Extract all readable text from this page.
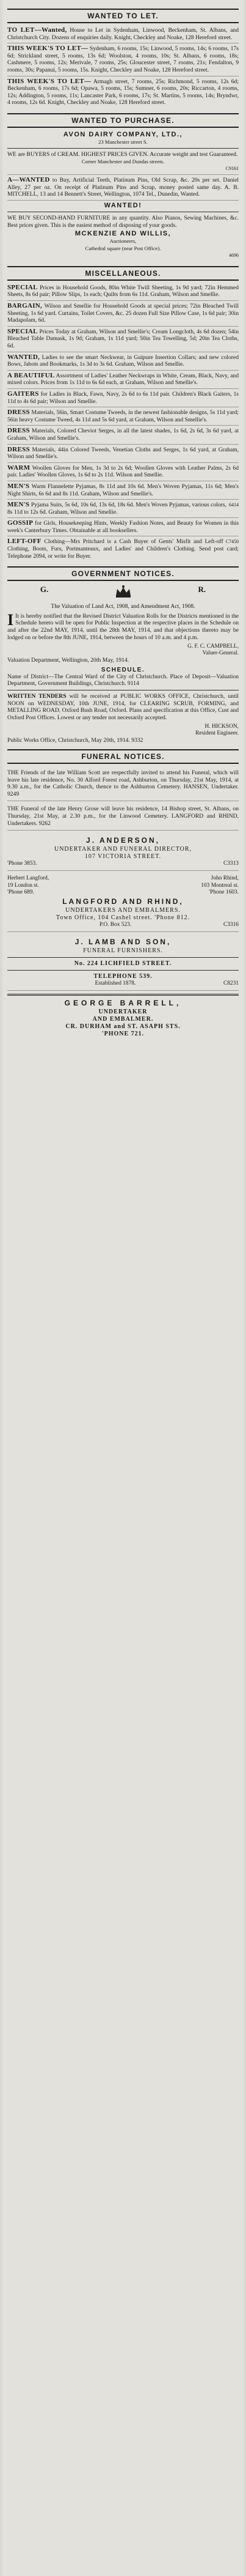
WANTED TO LET.
TO LET—Wanted, House to Let in Sydenham, Linwood, Beckenham, St. Albans, and Christchurch City. Dozens of enquiries daily. Knight, Checkley and Noake, 128 Hereford street.
THIS WEEK'S TO LET— Sydenham, 6 rooms, 15s; Linwood, 5 rooms, 14s; 6 rooms, 17s 6d; Strickland street, 5 rooms, 13s 6d; Woolston, 4 rooms, 10s; St. Albans, 6 rooms, 18s; Cashmere, 5 rooms, 12s; Merivale, 7 rooms, 25s; Gloucester street, 7 rooms, 21s; Fendalton, 9 rooms, 30s; Papanui, 5 rooms, 15s. Knight, Checkley and Noake, 128 Hereford street.
THIS WEEK'S TO LET— Armagh street, 7 rooms, 25s; Richmond, 5 rooms, 12s 6d; Beckenham, 6 rooms, 17s 6d; Opawa, 5 rooms, 15s; Sumner, 6 rooms, 20s; Riccarton, 4 rooms, 12s; Addington, 5 rooms, 11s; Lancaster Park, 6 rooms, 17s; St. Martins, 5 rooms, 14s; Bryndwr, 4 rooms, 12s 6d. Knight, Checkley and Noake, 128 Hereford street.
WANTED TO PURCHASE.
AVON DAIRY COMPANY, LTD.,
23 Manchester street S.
WE are BUYERS of CREAM. HIGHEST PRICES GIVEN. Accurate weight and test Guaranteed.
Corner Manchester and Dundas streets.
C9161
A—WANTED to Buy, Artificial Teeth, Platinum Pins, Old Scrap, &c. 20s per set. Daniel Alley, 27 per oz. On receipt of Platinum Pins and Scrap, money posted same day. A. B. MITCHELL, 13 and 14 Bennett's Street, Wellington, 1074 Tel., Dunedin, Wanted.
WANTED!
WE BUY SECOND-HAND FURNITURE in any quantity. Also Pianos, Sewing Machines, &c. Best prices given. This is the easiest method of disposing of your goods.
MCKENZIE AND WILLIS,
Auctioneers,
Cathedral square (near Post Office).
4696
MISCELLANEOUS.
SPECIAL Prices in Household Goods, 80in White Twill Sheeting, 1s 9d yard; 72in Hemmed Sheets, 8s 6d pair; Pillow Slips, 1s each; Quilts from 6s 11d. Graham, Wilson and Smellie.
BARGAIN, Wilson and Smellie for Household Goods at special prices; 72in Bleached Twill Sheeting, 1s 6d yard. Curtains, Toilet Covers, &c. 25 dozen Full Size Pillow Case, 1s 6d pair; 30in Madapolam, 6d.
SPECIAL Prices Today at Graham, Wilson and Smellie's; Cream Longcloth, 4s 6d dozen; 54in Bleached Table Damask, 1s 9d; Graham, 1s 11d yard; 50in Tea Towelling, 5d; 20in Tea Cloths, 6d.
WANTED, Ladies to see the smart Neckwear, in Guipure Insertion Collars; and new colored Bows, Jabots and Bookmarks, 1s 3d to 3s 6d. Graham, Wilson and Smellie.
A BEAUTIFUL Assortment of Ladies' Leather Neckwraps in White, Cream, Black, Navy, and mixed colors. Prices from 1s 11d to 6s 6d each, at Graham, Wilson and Smellie's.
GAITERS for Ladies in Black, Fawn, Navy, 2s 6d to 6s 11d pair. Children's Black Gaiters, 1s 11d to 4s 6d pair; Wilson and Smellie.
DRESS Materials, 56in, Smart Costume Tweeds, in the newest fashionable designs, 5s 11d yard; 56in heavy Costume Tweed, 4s 11d and 5s 6d yard, at Graham, Wilson and Smellie's.
DRESS Materials, Colored Cheviot Serges, in all the latest shades, 1s 6d, 2s 6d, 3s 6d yard, at Graham, Wilson and Smellie's.
DRESS Materials, 44in Colored Tweeds, Venetian Cloths and Serges, 1s 6d yard, at Graham, Wilson and Smellie's.
WARM Woollen Gloves for Men, 1s 3d to 2s 6d; Woollen Gloves with Leather Palms, 2s 6d pair. Ladies' Woollen Gloves, 1s 6d to 2s 11d. Wilson and Smellie.
MEN'S Warm Flannelette Pyjamas, 8s 11d and 10s 6d. Men's Woven Pyjamas, 11s 6d; Men's Night Shirts, 6s 6d and 8s 11d. Graham, Wilson and Smellie's.
6414
MEN'S Pyjama Suits, 5s 6d, 10s 6d, 13s 6d, 18s 6d. Men's Woven Pyjamas, various colors, 8s 11d to 12s 6d. Graham, Wilson and Smellie.
GOSSIP for Girls, Housekeeping Hints, Weekly Fashion Notes, and Beauty for Women in this week's Canterbury Times. Obtainable at all booksellers.
C7450
LEFT-OFF Clothing—Mrs Pritchard is a Cash Buyer of Gents' Misfit and Left-off Clothing, Boots, Furs, Portmanteaux, and Ladies' and Children's Clothing. Send post card; Telephone 2094, or write for Buyer.
GOVERNMENT NOTICES.
G.	R.
The Valuation of Land Act, 1908, and Amendment Act, 1908.
I It is hereby notified that the Revised District Valuation Rolls for the Districts mentioned in the Schedule hereto will be open for Public Inspection at the respective places in the Schedule on and after the 22nd MAY, 1914, until the 28th MAY, 1914, and that objections thereto may be lodged on or before the 8th JUNE, 1914, between the hours of 10 a.m. and 4 p.m.
G. F. C. CAMPBELL,
Valuer-General.
Valuation Department, Wellington, 20th May, 1914.
SCHEDULE.
Name of District—The Central Ward of the City of Christchurch. Place of Deposit—Valuation Department, Government Buildings, Christchurch. 9114
WRITTEN TENDERS will be received at PUBLIC WORKS OFFICE, Christchurch, until NOON on WEDNESDAY, 10th JUNE, 1914, for CLEARING SCRUB, FORMING, and METALLING ROAD, Oxford Bush Road, Oxford. Plans and specification at this Office, Cust and Oxford Post Offices. Lowest or any tender not necessarily accepted.
H. HICKSON,
Resident Engineer.
Public Works Office, Christchurch, May 20th, 1914. 9332
FUNERAL NOTICES.
THE Friends of the late William Scott are respectfully invited to attend his Funeral, which will leave his late residence, No. 30 Alford Forest road, Ashburton, on Thursday, 21st May, 1914, at 9.30 a.m., for the Catholic Church, thence to the Ashburton Cemetery. HANSEN, Undertaker. 9249
THE Funeral of the late Henry Grose will leave his residence, 14 Bishop street, St. Albans, on Thursday, 21st May, at 2.30 p.m., for the Linwood Cemetery. LANGFORD and RHIND, Undertakers. 9262
J. ANDERSON,
UNDERTAKER AND FUNERAL DIRECTOR,
107 VICTORIA STREET.
'Phone 3853.	C3313
Herbert Langford,	John Rhind,
19 London st.	103 Montreal st.
'Phone 689.	'Phone 1603.
LANGFORD AND RHIND,
UNDERTAKERS AND EMBALMERS.
Town Office, 104 Cashel street. 'Phone 812.
P.O. Box 523.	C3316
J. LAMB AND SON,
FUNERAL FURNISHERS.
No. 224 LICHFIELD STREET.
TELEPHONE 539.
Established 1878.	C8231
GEORGE BARRELL,
UNDERTAKER
AND EMBALMER.
CR. DURHAM and ST. ASAPH STS.
'PHONE 721.
